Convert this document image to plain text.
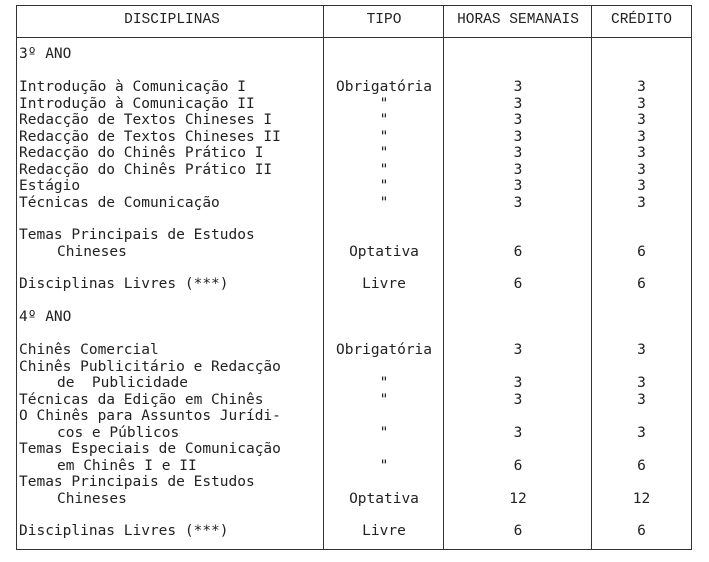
DISCIPLINAS	TIPO	HORAS SEMANAIS	CRÉDITO
3º ANO
Introdução à Comunicação I	Obrigatória	3	3
Introdução à Comunicação II	"	3	3
Redacção de Textos Chineses I	"	3	3
Redacção de Textos Chineses II	"	3	3
Redacção do Chinês Prático I	"	3	3
Redacção do Chinês Prático II	"	3	3
Estágio	"	3	3
Técnicas de Comunicação	"	3	3
Temas Principais de Estudos
Chineses	Optativa	6	6
Disciplinas Livres (***)	Livre	6	6
4º ANO
Chinês Comercial	Obrigatória	3	3
Chinês Publicitário e Redacção
de  Publicidade	"	3	3
Técnicas da Edição em Chinês	"	3	3
O Chinês para Assuntos Jurídi-
cos e Públicos	"	3	3
Temas Especiais de Comunicação
em Chinês I e II	"	6	6
Temas Principais de Estudos
Chineses	Optativa	12	12
Disciplinas Livres (***)	Livre	6	6
